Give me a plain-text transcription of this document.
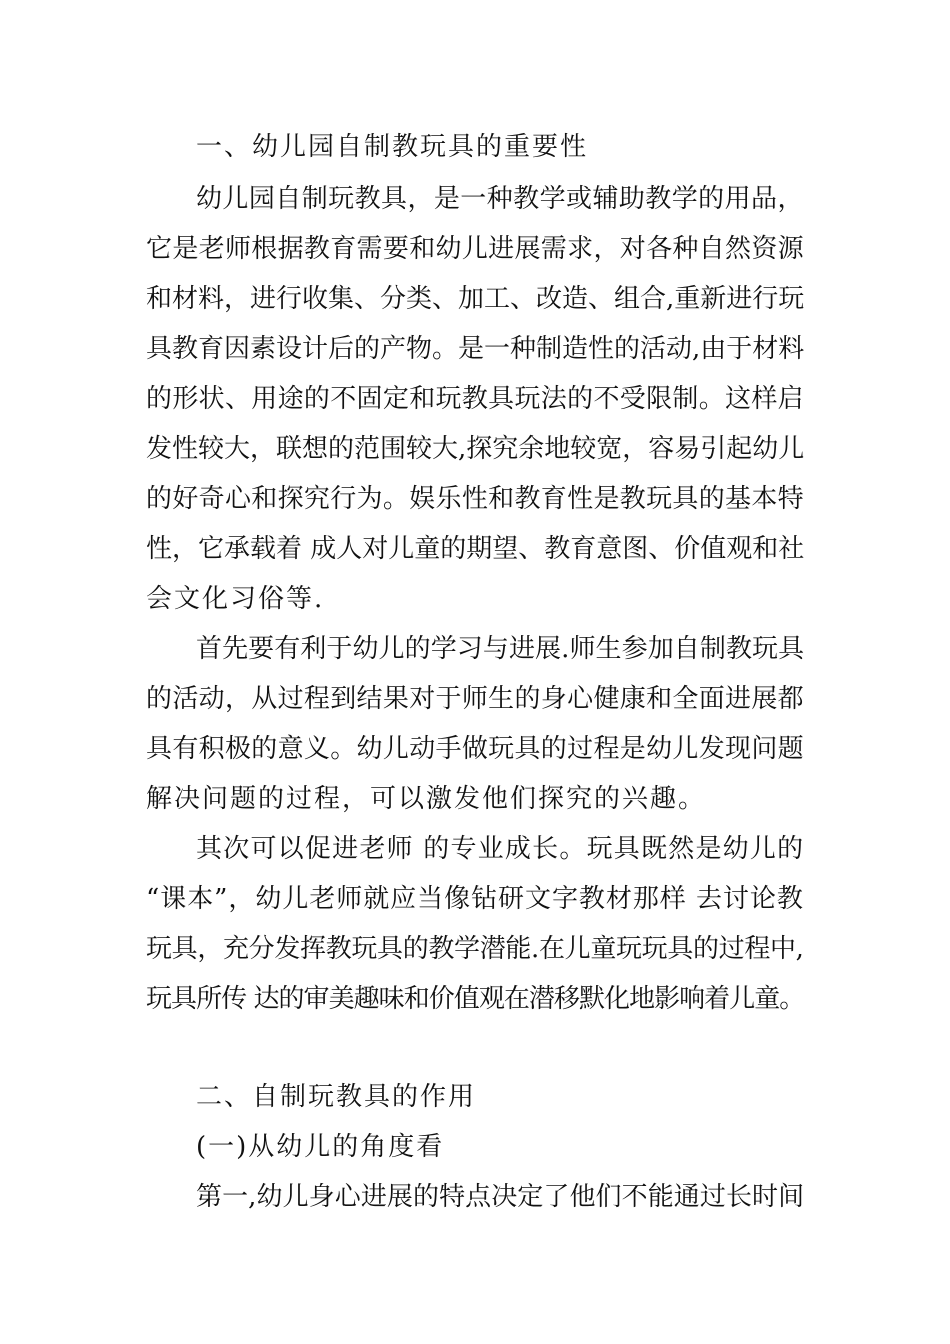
一、幼儿园自制教玩具的重要性

幼儿园自制玩教具，是一种教学或辅助教学的用品，

它是老师根据教育需要和幼儿进展需求，对各种自然资源

和材料，进行收集、分类、加工、改造、组合,重新进行玩

具教育因素设计后的产物。是一种制造性的活动,由于材料

的形状、用途的不固定和玩教具玩法的不受限制。这样启

发性较大，联想的范围较大,探究余地较宽，容易引起幼儿

的好奇心和探究行为。娱乐性和教育性是教玩具的基本特

性，它承载着 成人对儿童的期望、教育意图、价值观和社

会文化习俗等.

首先要有利于幼儿的学习与进展.师生参加自制教玩具

的活动，从过程到结果对于师生的身心健康和全面进展都

具有积极的意义。幼儿动手做玩具的过程是幼儿发现问题

解决问题的过程，可以激发他们探究的兴趣。

其次可以促进老师 的专业成长。玩具既然是幼儿的

“课本”，幼儿老师就应当像钻研文字教材那样 去讨论教

玩具，充分发挥教玩具的教学潜能.在儿童玩玩具的过程中,

玩具所传 达的审美趣味和价值观在潜移默化地影响着儿童。

二、自制玩教具的作用

(一)从幼儿的角度看

第一,幼儿身心进展的特点决定了他们不能通过长时间
